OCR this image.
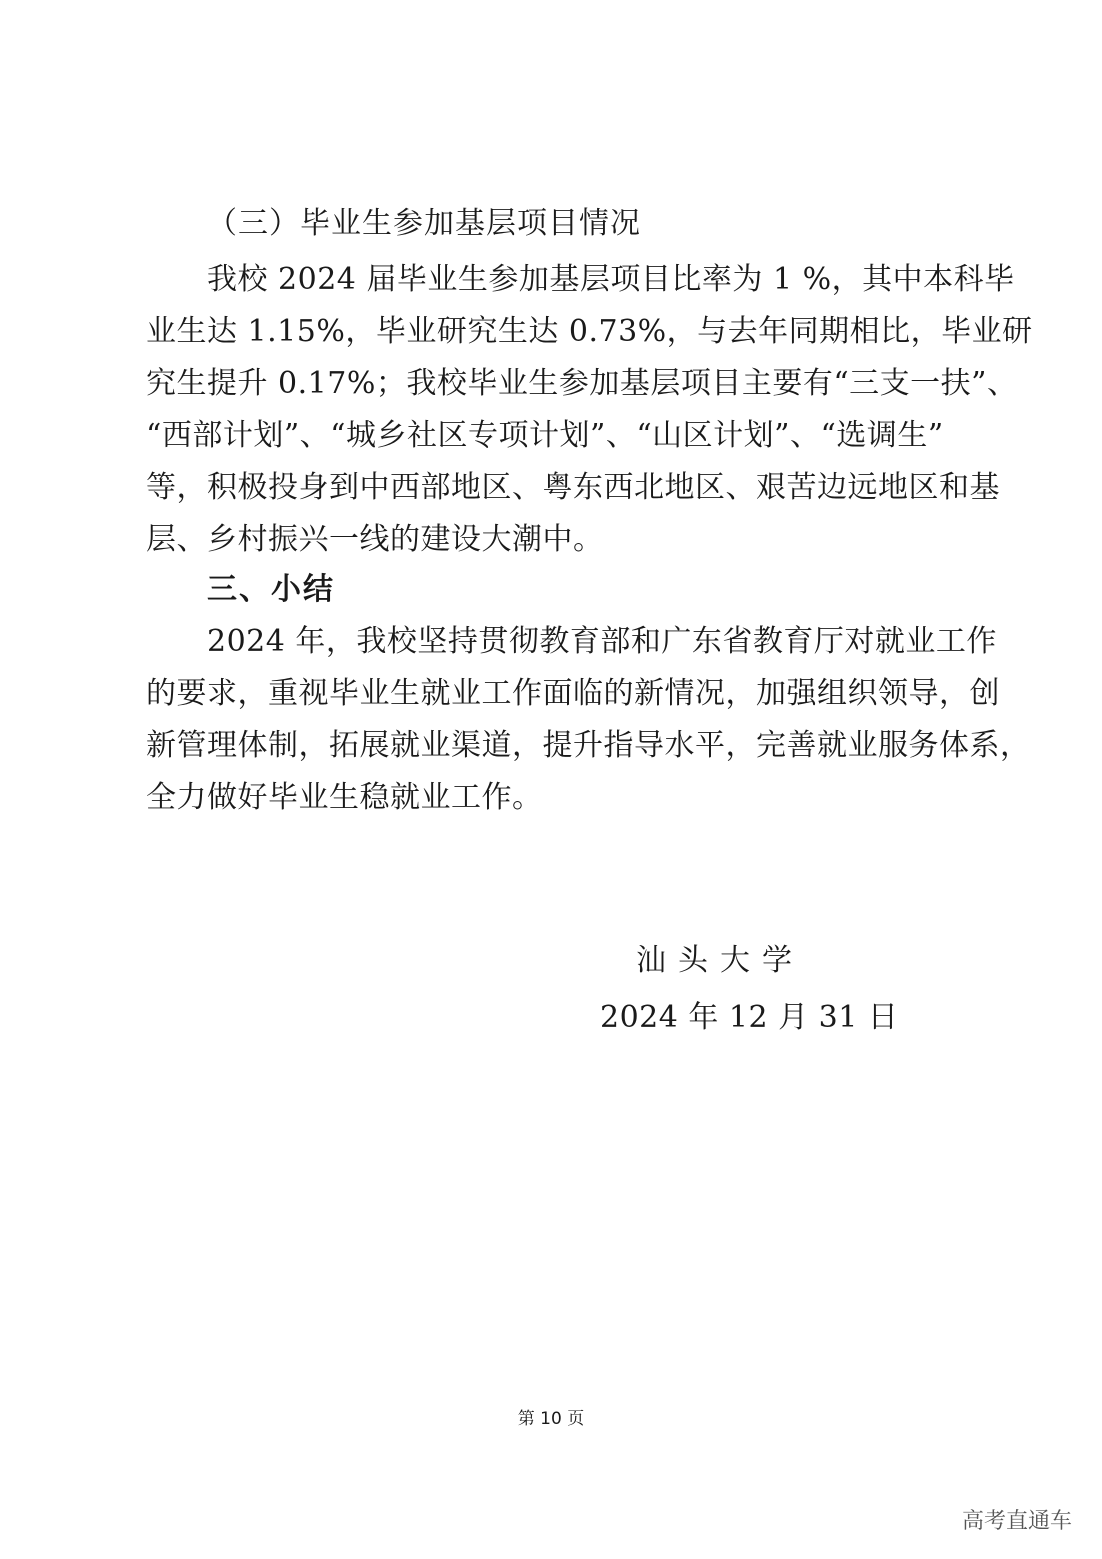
（三）毕业生参加基层项目情况
我校 2024 届毕业生参加基层项目比率为 1 %，其中本科毕
业生达 1.15%，毕业研究生达 0.73%，与去年同期相比，毕业研
究生提升 0.17%；我校毕业生参加基层项目主要有“三支一扶”、
“西部计划”、“城乡社区专项计划”、“山区计划”、“选调生”
等，积极投身到中西部地区、粤东西北地区、艰苦边远地区和基
层、乡村振兴一线的建设大潮中。
三、小结
2024 年，我校坚持贯彻教育部和广东省教育厅对就业工作
的要求，重视毕业生就业工作面临的新情况，加强组织领导，创
新管理体制，拓展就业渠道，提升指导水平，完善就业服务体系，
全力做好毕业生稳就业工作。
汕头大学
2024 年 12 月 31 日
第 10 页
高考直通车
